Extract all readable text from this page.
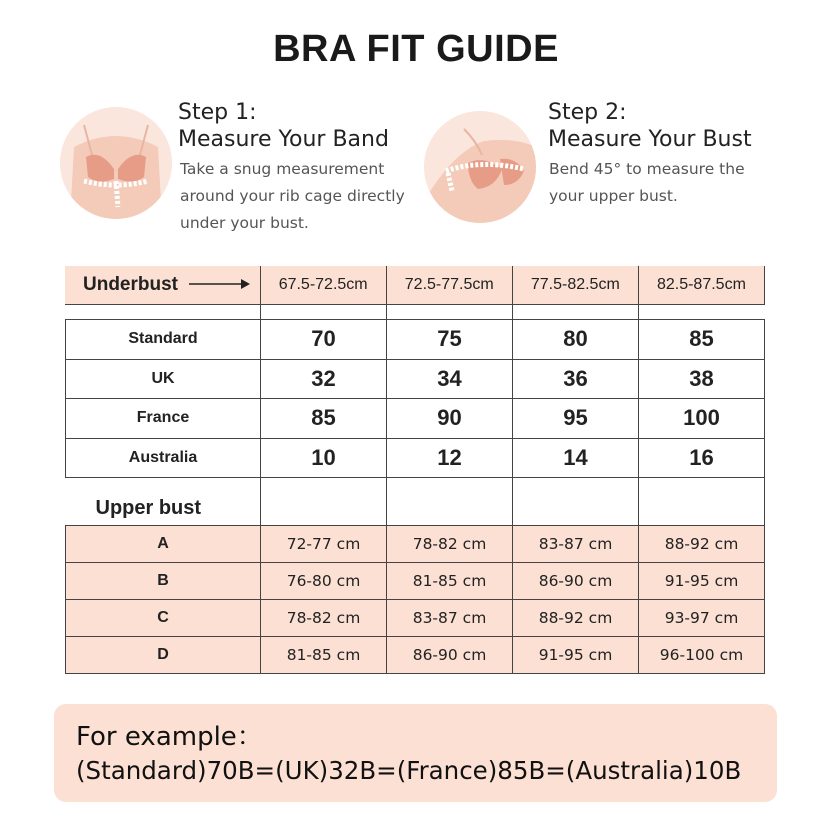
BRA FIT GUIDE
Step 1:
Measure Your Band
Take a snug measurement
around your rib cage directly
under your bust.
Step 2:
Measure Your Bust
Bend 45° to measure the
your upper bust.
Underbust	67.5-72.5cm	72.5-77.5cm	77.5-82.5cm	82.5-87.5cm
Standard	70	75	80	85
UK	32	34	36	38
France	85	90	95	100
Australia	10	12	14	16
Upper bust				
A	72-77 cm	78-82 cm	83-87 cm	88-92 cm
B	76-80 cm	81-85 cm	86-90 cm	91-95 cm
C	78-82 cm	83-87 cm	88-92 cm	93-97 cm
D	81-85 cm	86-90 cm	91-95 cm	96-100 cm
For example：
(Standard)70B=(UK)32B=(France)85B=(Australia)10B
